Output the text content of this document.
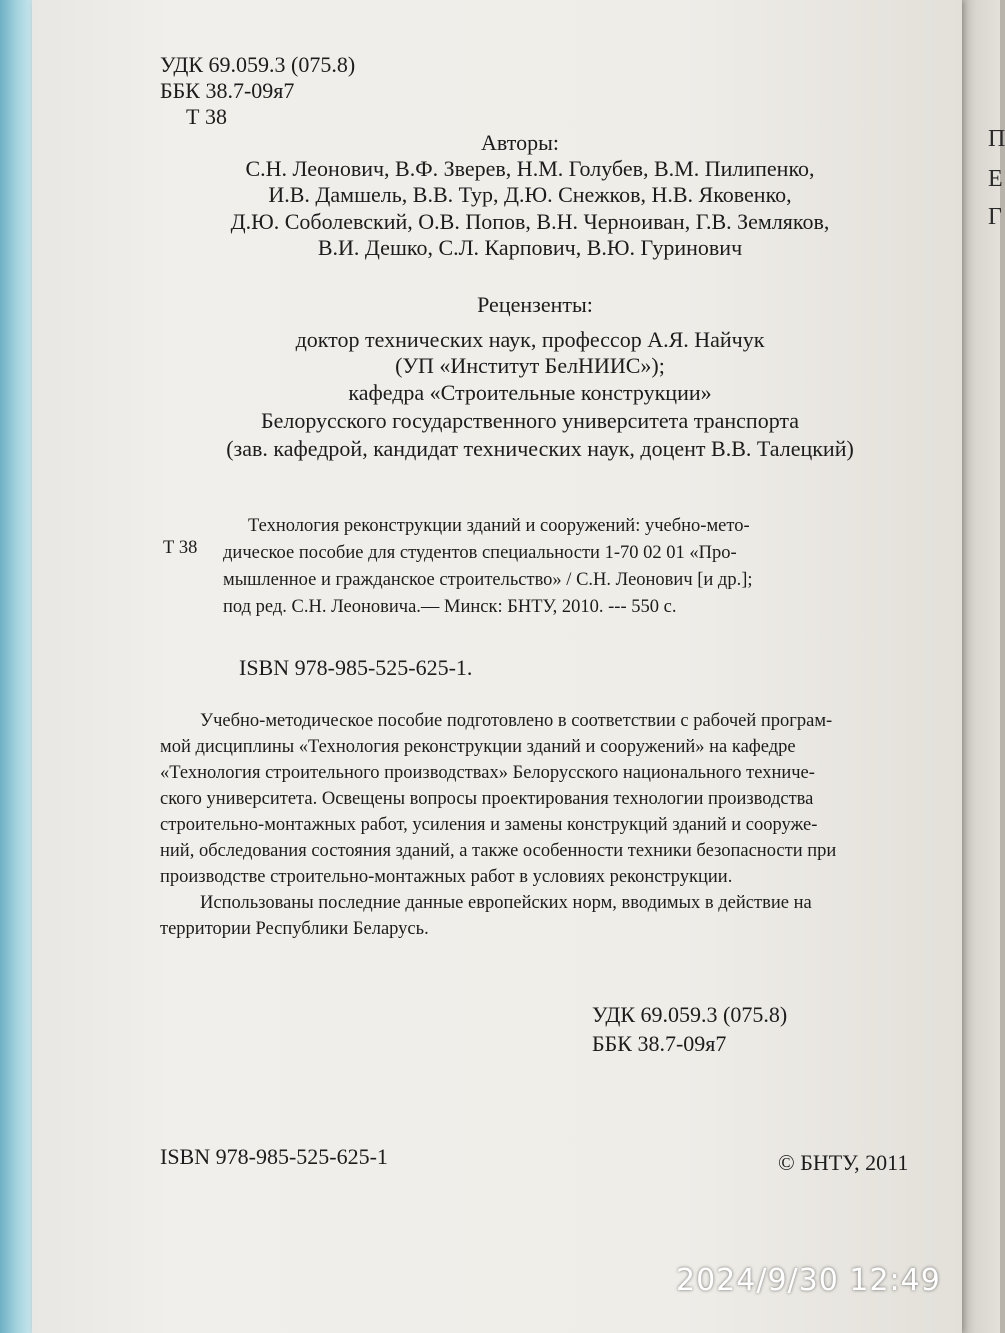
П
Е
Г
УДК 69.059.3 (075.8)
ББК 38.7-09я7
Т 38
Авторы:
С.Н. Леонович, В.Ф. Зверев, Н.М. Голубев, В.М. Пилипенко,
И.В. Дамшель, В.В. Тур, Д.Ю. Снежков, Н.В. Яковенко,
Д.Ю. Соболевский, О.В. Попов, В.Н. Черноиван, Г.В. Земляков,
В.И. Дешко, С.Л. Карпович, В.Ю. Гуринович
Рецензенты:
доктор технических наук, профессор А.Я. Найчук
(УП «Институт БелНИИС»);
кафедра «Строительные конструкции»
Белорусского государственного университета транспорта
(зав. кафедрой, кандидат технических наук, доцент В.В. Талецкий)
Т 38
Технология реконструкции зданий и сооружений: учебно-мето-
дическое пособие для студентов специальности 1-70 02 01 «Про-
мышленное и гражданское строительство» / С.Н. Леонович [и др.];
под ред. С.Н. Леоновича.— Минск: БНТУ, 2010. --- 550 с.
ISBN 978-985-525-625-1.
Учебно-методическое пособие подготовлено в соответствии с рабочей програм-
мой дисциплины «Технология реконструкции зданий и сооружений» на кафедре
«Технология строительного производствах» Белорусского национального техниче-
ского университета. Освещены вопросы проектирования технологии производства
строительно-монтажных работ, усиления и замены конструкций зданий и сооруже-
ний, обследования состояния зданий, а также особенности техники безопасности при
производстве строительно-монтажных работ в условиях реконструкции.
Использованы последние данные европейских норм, вводимых в действие на
территории Республики Беларусь.
УДК 69.059.3 (075.8)
ББК 38.7-09я7
ISBN 978-985-525-625-1	© БНТУ, 2011
2024/9/30 12:49
